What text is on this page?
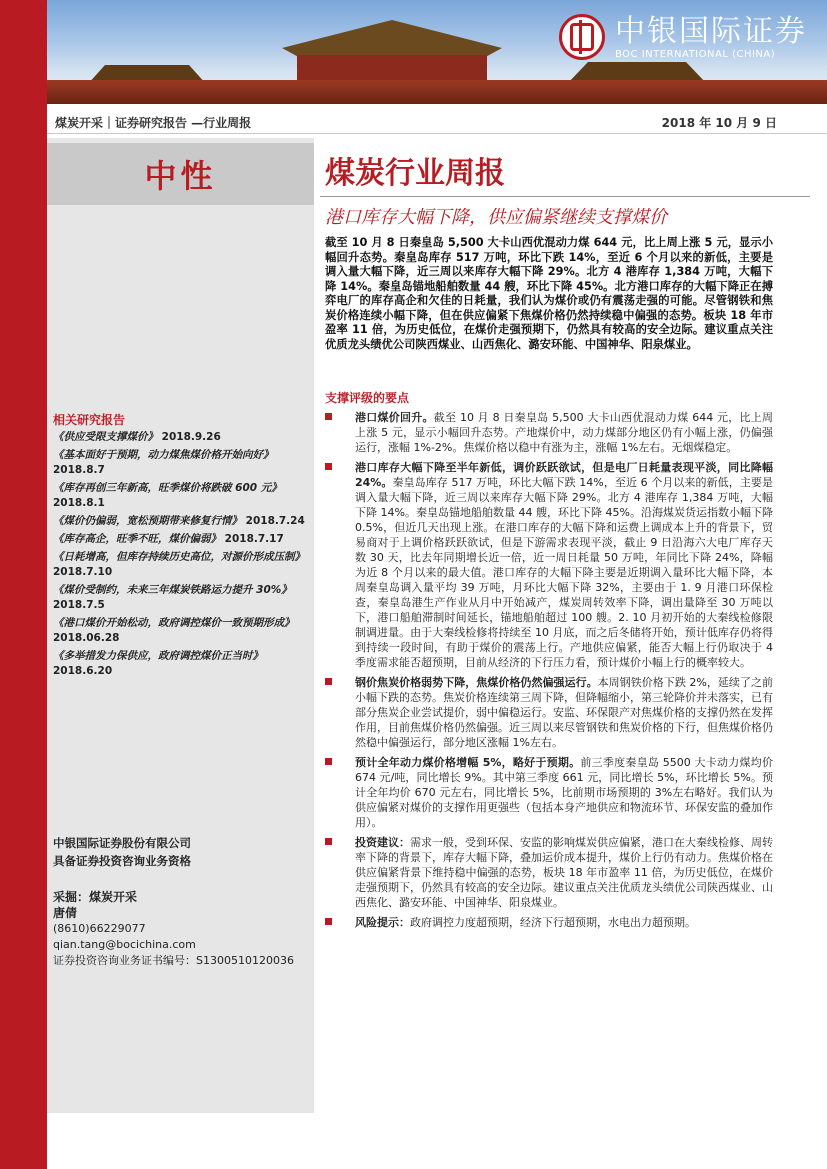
中银国际证券
BOC INTERNATIONAL (CHINA)
煤炭开采｜证券研究报告 —行业周报	2018 年 10 月 9 日
中性	煤炭行业周报
港口库存大幅下降，供应偏紧继续支撑煤价
截至 10 月 8 日秦皇岛 5,500 大卡山西优混动力煤 644 元，比上周上涨 5 元，显示小幅回升态势。秦皇岛库存 517 万吨，环比下跌 14%，至近 6 个月以来的新低，主要是调入量大幅下降，近三周以来库存大幅下降 29%。北方 4 港库存 1,384 万吨，大幅下降 14%。秦皇岛锚地船舶数量 44 艘，环比下降 45%。北方港口库存的大幅下降正在搏弈电厂的库存高企和欠佳的日耗量，我们认为煤价或仍有震荡走强的可能。尽管钢铁和焦炭价格连续小幅下降，但在供应偏紧下焦煤价格仍然持续稳中偏强的态势。板块 18 年市盈率 11 倍，为历史低位，在煤价走强预期下，仍然具有较高的安全边际。建议重点关注优质龙头绩优公司陕西煤业、山西焦化、潞安环能、中国神华、阳泉煤业。
支撑评级的要点
港口煤价回升。截至 10 月 8 日秦皇岛 5,500 大卡山西优混动力煤 644 元，比上周上涨 5 元，显示小幅回升态势。产地煤价中，动力煤部分地区仍有小幅上涨，仍偏强运行，涨幅 1%-2%。焦煤价格以稳中有涨为主，涨幅 1%左右。无烟煤稳定。
港口库存大幅下降至半年新低，调价跃跃欲试，但是电厂日耗量表现平淡，同比降幅 24%。秦皇岛库存 517 万吨，环比大幅下跌 14%，至近 6 个月以来的新低，主要是调入量大幅下降，近三周以来库存大幅下降 29%。北方 4 港库存 1,384 万吨，大幅下降 14%。秦皇岛锚地船舶数量 44 艘，环比下降 45%。沿海煤炭货运指数小幅下降 0.5%，但近几天出现上涨。在港口库存的大幅下降和运费上调成本上升的背景下，贸易商对于上调价格跃跃欲试，但是下游需求表现平淡，截止 9 日沿海六大电厂库存天数 30 天，比去年同期增长近一倍，近一周日耗量 50 万吨，年同比下降 24%，降幅为近 8 个月以来的最大值。港口库存的大幅下降主要是近期调入量环比大幅下降，本周秦皇岛调入量平均 39 万吨，月环比大幅下降 32%，主要由于 1. 9 月港口环保检查，秦皇岛港生产作业从月中开始减产，煤炭周转效率下降，调出量降至 30 万吨以下，港口船舶滞制时间延长，锚地船舶超过 100 艘。2. 10 月初开始的大秦线检修限制调进量。由于大秦线检修将持续至 10 月底，而之后冬储将开始，预计低库存仍将得到持续一段时间，有助于煤价的震荡上行。产地供应偏紧，能否大幅上行仍取决于 4 季度需求能否超预期，目前从经济的下行压力看，预计煤价小幅上行的概率较大。
钢价焦炭价格弱势下降，焦煤价格仍然偏强运行。本周钢铁价格下跌 2%，延续了之前小幅下跌的态势。焦炭价格连续第三周下降，但降幅缩小，第三轮降价并未落实，已有部分焦炭企业尝试提价，弱中偏稳运行。安监、环保限产对焦煤价格的支撑仍然在发挥作用，目前焦煤价格仍然偏强。近三周以来尽管钢铁和焦炭价格的下行，但焦煤价格仍然稳中偏强运行，部分地区涨幅 1%左右。
预计全年动力煤价格增幅 5%，略好于预期。前三季度秦皇岛 5500 大卡动力煤均价 674 元/吨，同比增长 9%。其中第三季度 661 元，同比增长 5%，环比增长 5%。预计全年均价 670 元左右，同比增长 5%，比前期市场预期的 3%左右略好。我们认为供应偏紧对煤价的支撑作用更强些（包括本身产地供应和物流环节、环保安监的叠加作用）。
投资建议：需求一般，受到环保、安监的影响煤炭供应偏紧，港口在大秦线检修、周转率下降的背景下，库存大幅下降，叠加运价成本提升，煤价上行仍有动力。焦煤价格在供应偏紧背景下维持稳中偏强的态势，板块 18 年市盈率 11 倍，为历史低位，在煤价走强预期下，仍然具有较高的安全边际。建议重点关注优质龙头绩优公司陕西煤业、山西焦化、潞安环能、中国神华、阳泉煤业。
风险提示：政府调控力度超预期，经济下行超预期，水电出力超预期。
相关研究报告
《供应受限支撑煤价》 2018.9.26
《基本面好于预期，动力煤焦煤价格开始向好》 2018.8.7
《库存再创三年新高，旺季煤价将跌破 600 元》 2018.8.1
《煤价仍偏弱，宽松预期带来修复行情》 2018.7.24
《库存高企，旺季不旺，煤价偏弱》 2018.7.17
《日耗增高，但库存持续历史高位，对源价形成压制》 2018.7.10
《煤价受制约，未来三年煤炭铁路运力提升 30%》 2018.7.5
《港口煤价开始松动，政府调控煤价一致预期形成》 2018.06.28
《多举措发力保供应，政府调控煤价正当时》 2018.6.20
中银国际证券股份有限公司
具备证券投资咨询业务资格
采掘：煤炭开采
唐倩
(8610)66229077
qian.tang@bocichina.com
证券投资咨询业务证书编号：S1300510120036
